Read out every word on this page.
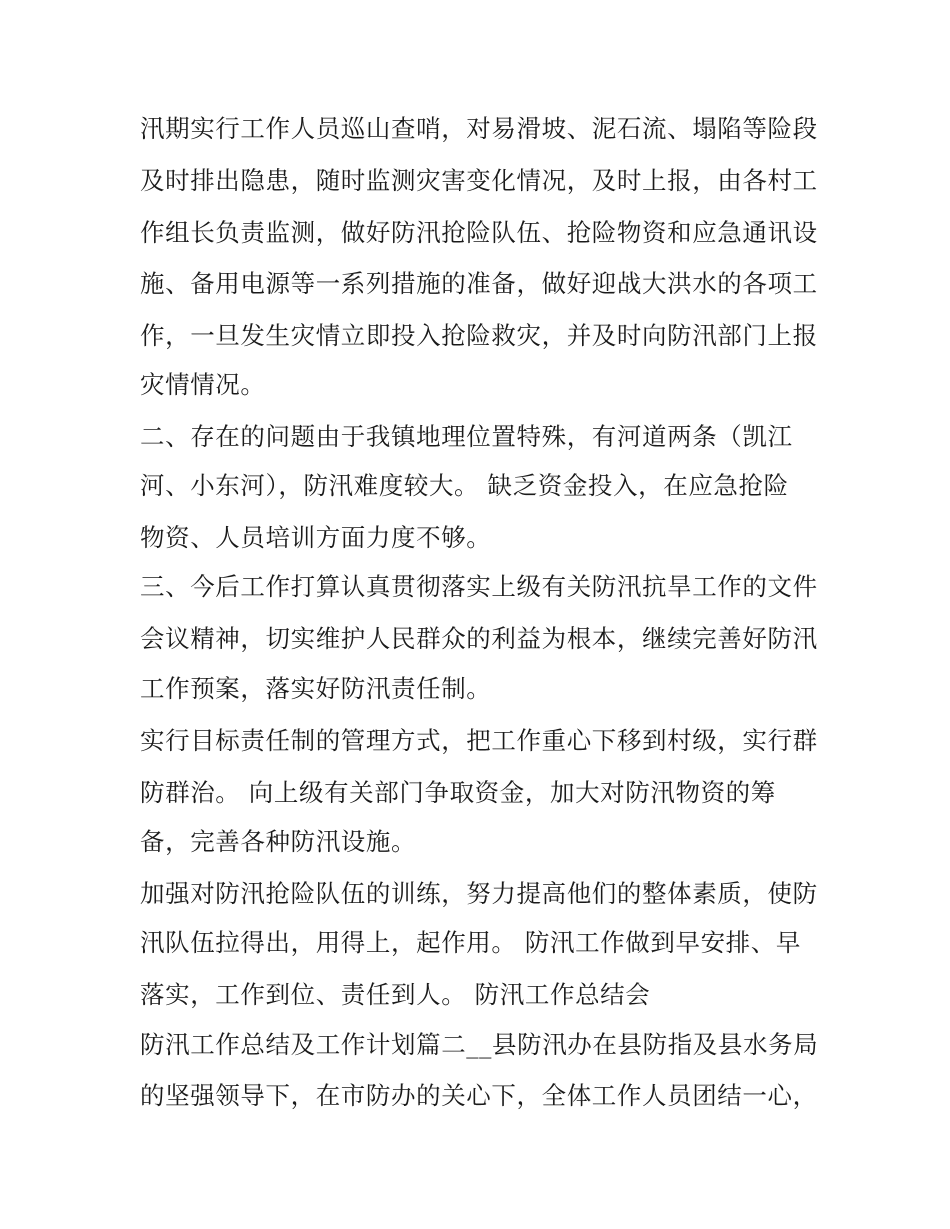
汛期实行工作人员巡山查哨，对易滑坡、泥石流、塌陷等险段
及时排出隐患，随时监测灾害变化情况，及时上报，由各村工
作组长负责监测，做好防汛抢险队伍、抢险物资和应急通讯设
施、备用电源等一系列措施的准备，做好迎战大洪水的各项工
作，一旦发生灾情立即投入抢险救灾，并及时向防汛部门上报
灾情情况。
二、存在的问题由于我镇地理位置特殊，有河道两条（凯江
河、小东河），防汛难度较大。 缺乏资金投入，在应急抢险
物资、人员培训方面力度不够。
三、今后工作打算认真贯彻落实上级有关防汛抗旱工作的文件
会议精神，切实维护人民群众的利益为根本，继续完善好防汛
工作预案，落实好防汛责任制。
实行目标责任制的管理方式，把工作重心下移到村级，实行群
防群治。 向上级有关部门争取资金，加大对防汛物资的筹
备，完善各种防汛设施。
加强对防汛抢险队伍的训练，努力提高他们的整体素质，使防
汛队伍拉得出，用得上，起作用。 防汛工作做到早安排、早
落实，工作到位、责任到人。 防汛工作总结会
防汛工作总结及工作计划篇二__县防汛办在县防指及县水务局
的坚强领导下，在市防办的关心下，全体工作人员团结一心，
